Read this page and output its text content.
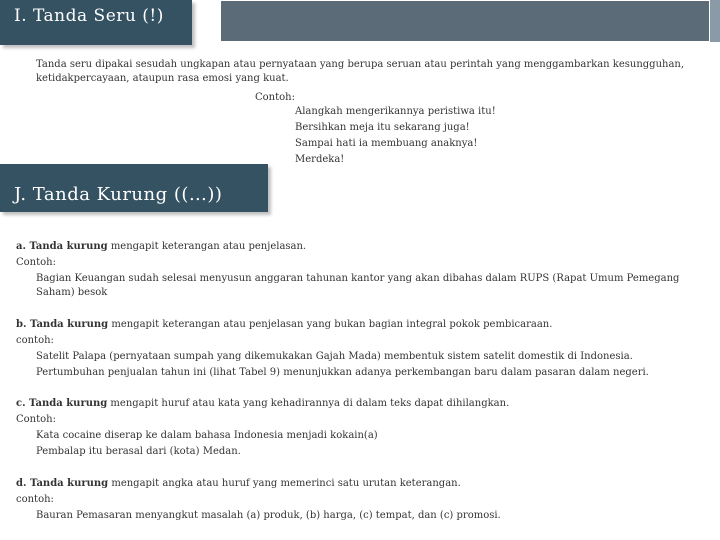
I. Tanda Seru (!)
Tanda seru dipakai sesudah ungkapan atau pernyataan yang berupa seruan atau perintah yang menggambarkan kesungguhan,
ketidakpercayaan, ataupun rasa emosi yang kuat.
Contoh:
Alangkah mengerikannya peristiwa itu!
Bersihkan meja itu sekarang juga!
Sampai hati ia membuang anaknya!
Merdeka!
J. Tanda Kurung ((…))
a. Tanda kurung mengapit keterangan atau penjelasan.
Contoh:
Bagian Keuangan sudah selesai menyusun anggaran tahunan kantor yang akan dibahas dalam RUPS (Rapat Umum Pemegang
Saham) besok
b. Tanda kurung mengapit keterangan atau penjelasan yang bukan bagian integral pokok pembicaraan.
contoh:
Satelit Palapa (pernyataan sumpah yang dikemukakan Gajah Mada) membentuk sistem satelit domestik di Indonesia.
Pertumbuhan penjualan tahun ini (lihat Tabel 9) menunjukkan adanya perkembangan baru dalam pasaran dalam negeri.
c. Tanda kurung mengapit huruf atau kata yang kehadirannya di dalam teks dapat dihilangkan.
Contoh:
Kata cocaine diserap ke dalam bahasa Indonesia menjadi kokain(a)
Pembalap itu berasal dari (kota) Medan.
d. Tanda kurung mengapit angka atau huruf yang memerinci satu urutan keterangan.
contoh:
Bauran Pemasaran menyangkut masalah (a) produk, (b) harga, (c) tempat, dan (c) promosi.
